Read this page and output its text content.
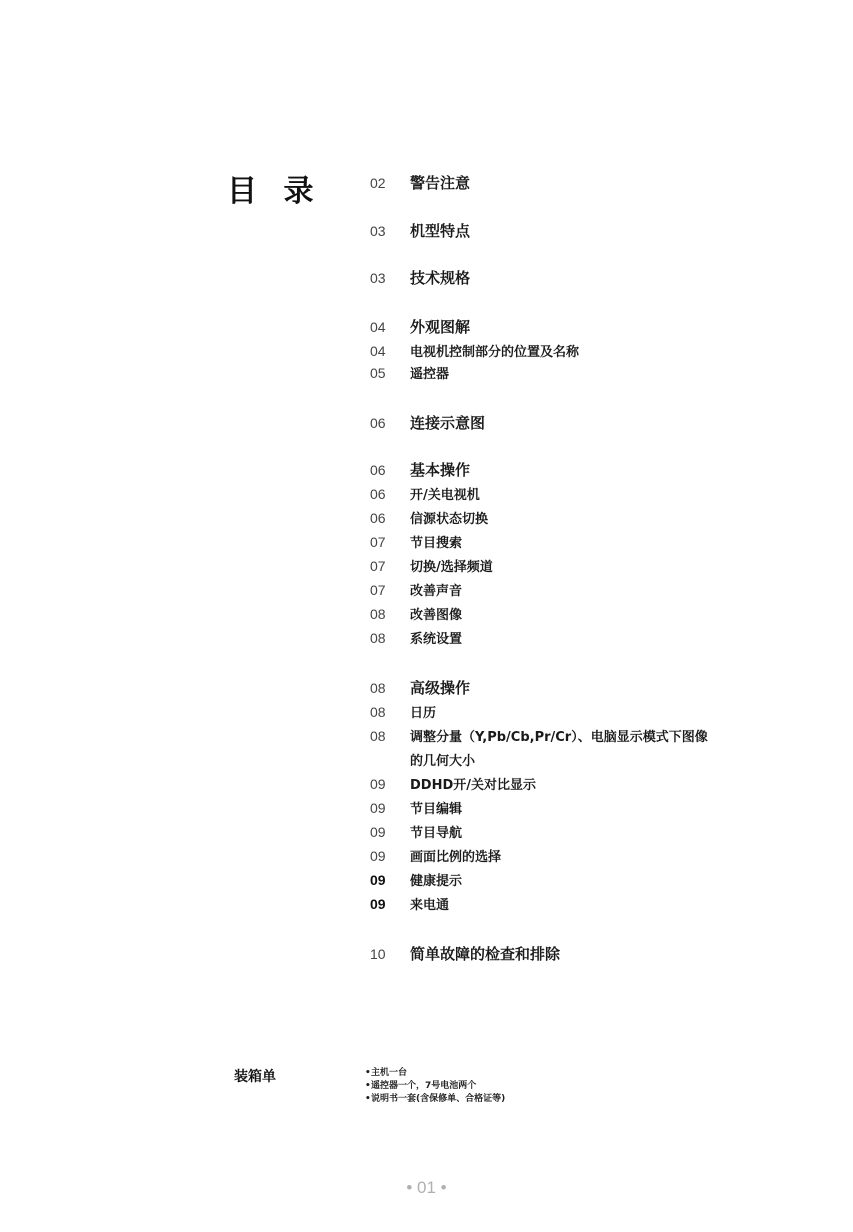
目 录	02	警告注意
03	机型特点
03	技术规格
04	外观图解
04	电视机控制部分的位置及名称
05	遥控器
06	连接示意图
06	基本操作
06	开/关电视机
06	信源状态切换
07	节目搜索
07	切换/选择频道
07	改善声音
08	改善图像
08	系统设置
08	高级操作
08	日历
08	调整分量（Y,Pb/Cb,Pr/Cr）、电脑显示模式下图像
的几何大小
09	DDHD开/关对比显示
09	节目编辑
09	节目导航
09	画面比例的选择
09	健康提示
09	来电通
10	简单故障的检查和排除
装箱单	•主机一台
•遥控器一个，7号电池两个
•说明书一套(含保修单、合格证等)
• 01 •
